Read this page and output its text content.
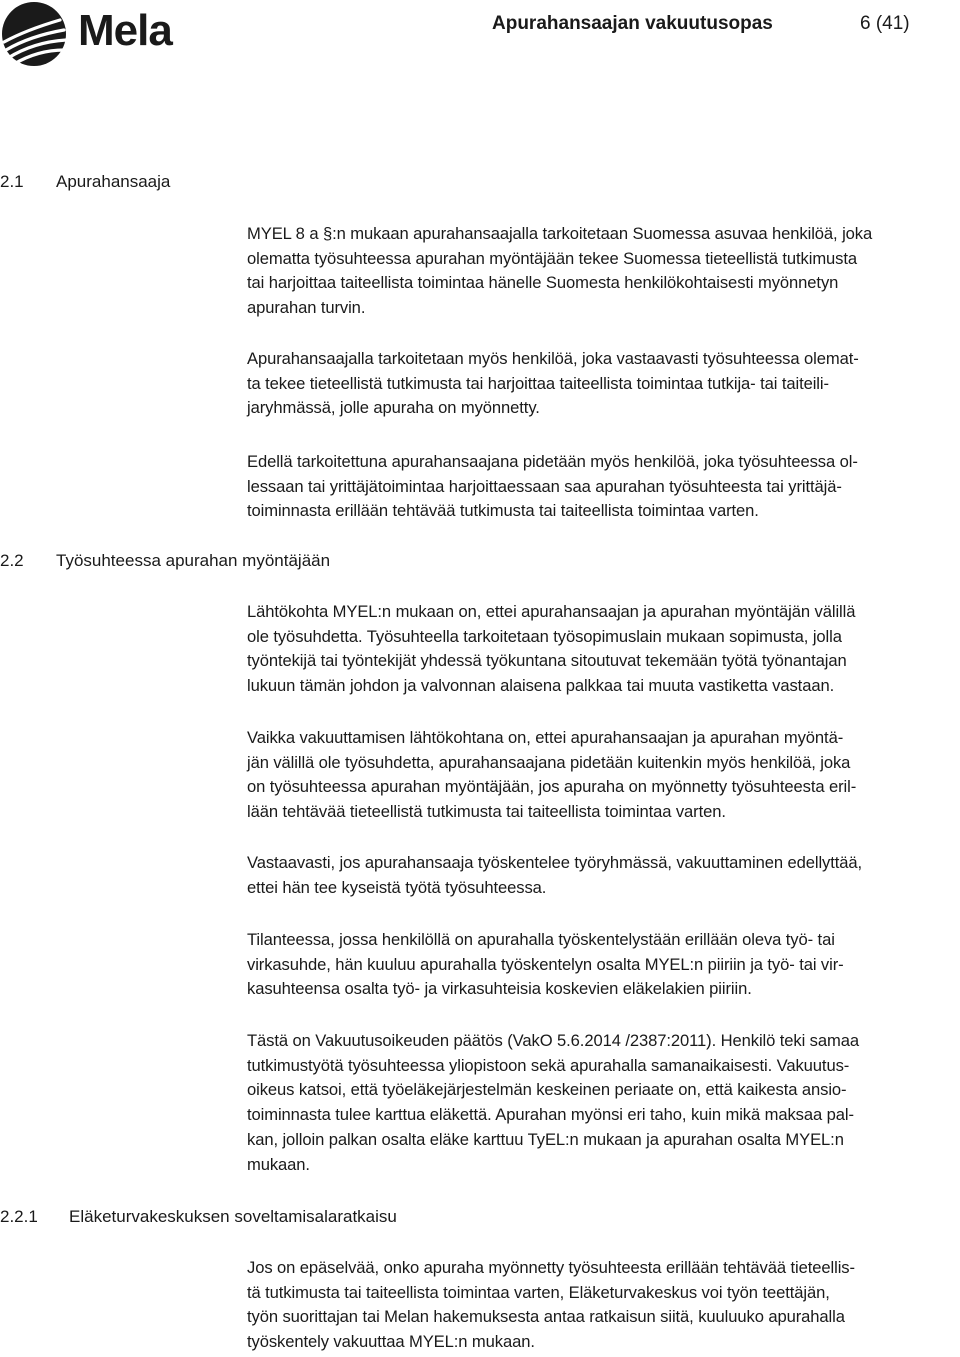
Mela	Apurahansaajan vakuutusopas	6 (41)
2.1 Apurahansaaja
2.2 Työsuhteessa apurahan myöntäjään
2.2.1 Eläketurvakeskuksen soveltamisalaratkaisu
MYEL 8 a §:n mukaan apurahansaajalla tarkoitetaan Suomessa asuvaa henkilöä, joka
olematta työsuhteessa apurahan myöntäjään tekee Suomessa tieteellistä tutkimusta
tai harjoittaa taiteellista toimintaa hänelle Suomesta henkilökohtaisesti myönnetyn
apurahan turvin.
Apurahansaajalla tarkoitetaan myös henkilöä, joka vastaavasti työsuhteessa olemat-
ta tekee tieteellistä tutkimusta tai harjoittaa taiteellista toimintaa tutkija- tai taiteili-
jaryhmässä, jolle apuraha on myönnetty.
Edellä tarkoitettuna apurahansaajana pidetään myös henkilöä, joka työsuhteessa ol-
lessaan tai yrittäjätoimintaa harjoittaessaan saa apurahan työsuhteesta tai yrittäjä-
toiminnasta erillään tehtävää tutkimusta tai taiteellista toimintaa varten.
Lähtökohta MYEL:n mukaan on, ettei apurahansaajan ja apurahan myöntäjän välillä
ole työsuhdetta. Työsuhteella tarkoitetaan työsopimuslain mukaan sopimusta, jolla
työntekijä tai työntekijät yhdessä työkuntana sitoutuvat tekemään työtä työnantajan
lukuun tämän johdon ja valvonnan alaisena palkkaa tai muuta vastiketta vastaan.
Vaikka vakuuttamisen lähtökohtana on, ettei apurahansaajan ja apurahan myöntä-
jän välillä ole työsuhdetta, apurahansaajana pidetään kuitenkin myös henkilöä, joka
on työsuhteessa apurahan myöntäjään, jos apuraha on myönnetty työsuhteesta eril-
lään tehtävää tieteellistä tutkimusta tai taiteellista toimintaa varten.
Vastaavasti, jos apurahansaaja työskentelee työryhmässä, vakuuttaminen edellyttää,
ettei hän tee kyseistä työtä työsuhteessa.
Tilanteessa, jossa henkilöllä on apurahalla työskentelystään erillään oleva työ- tai
virkasuhde, hän kuuluu apurahalla työskentelyn osalta MYEL:n piiriin ja työ- tai vir-
kasuhteensa osalta työ- ja virkasuhteisia koskevien eläkelakien piiriin.
Tästä on Vakuutusoikeuden päätös (VakO 5.6.2014 /2387:2011). Henkilö teki samaa
tutkimustyötä työsuhteessa yliopistoon sekä apurahalla samanaikaisesti. Vakuutus-
oikeus katsoi, että työeläkejärjestelmän keskeinen periaate on, että kaikesta ansio-
toiminnasta tulee karttua eläkettä. Apurahan myönsi eri taho, kuin mikä maksaa pal-
kan, jolloin palkan osalta eläke karttuu TyEL:n mukaan ja apurahan osalta MYEL:n
mukaan.
Jos on epäselvää, onko apuraha myönnetty työsuhteesta erillään tehtävää tieteellis-
tä tutkimusta tai taiteellista toimintaa varten, Eläketurvakeskus voi työn teettäjän,
työn suorittajan tai Melan hakemuksesta antaa ratkaisun siitä, kuuluuko apurahalla
työskentely vakuuttaa MYEL:n mukaan.
